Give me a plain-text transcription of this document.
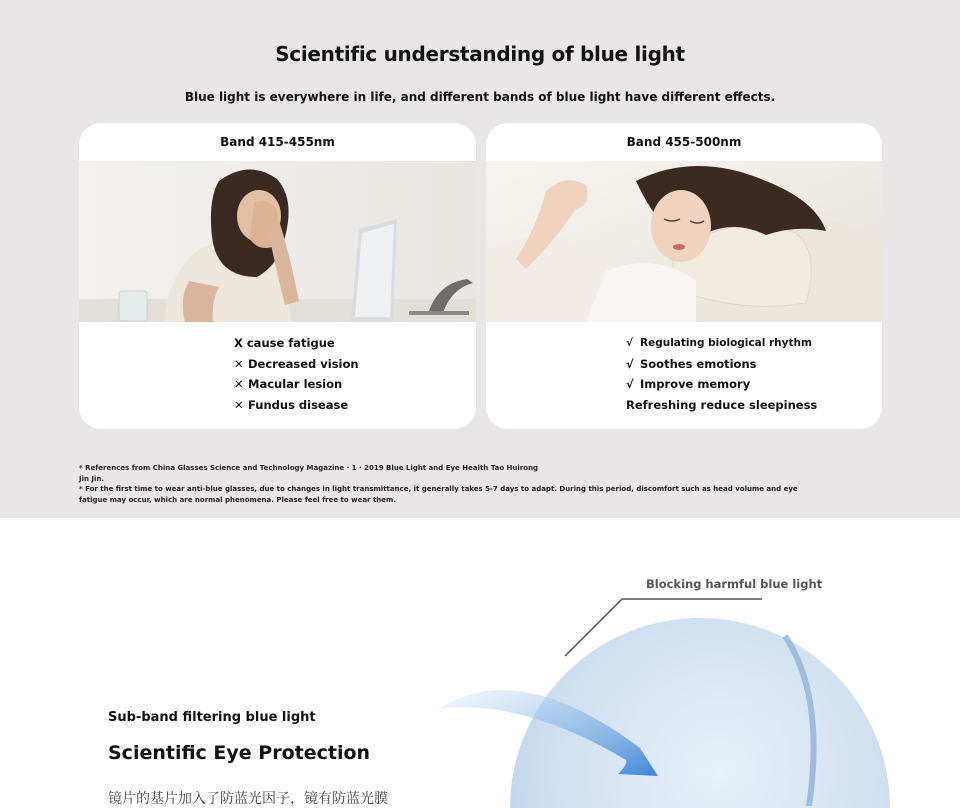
Scientific understanding of blue light
Blue light is everywhere in life, and different bands of blue light have different effects.
Band 415-455nm
X cause fatigue
✕ Decreased vision
✕ Macular lesion
✕ Fundus disease
Band 455-500nm
√ Regulating biological rhythm
√ Soothes emotions
√ Improve memory
Refreshing reduce sleepiness
* References from China Glasses Science and Technology Magazine · 1 · 2019 Blue Light and Eye Health Tao Huirong Jin Jin.
* For the first time to wear anti-blue glasses, due to changes in light transmittance, it generally takes 5-7 days to adapt. During this period, discomfort such as head volume and eye fatigue may occur, which are normal phenomena. Please feel free to wear them.
Blocking harmful blue light
Sub-band filtering blue light
Scientific Eye Protection
镜片的基片加入了防蓝光因子，镜有防蓝光膜
